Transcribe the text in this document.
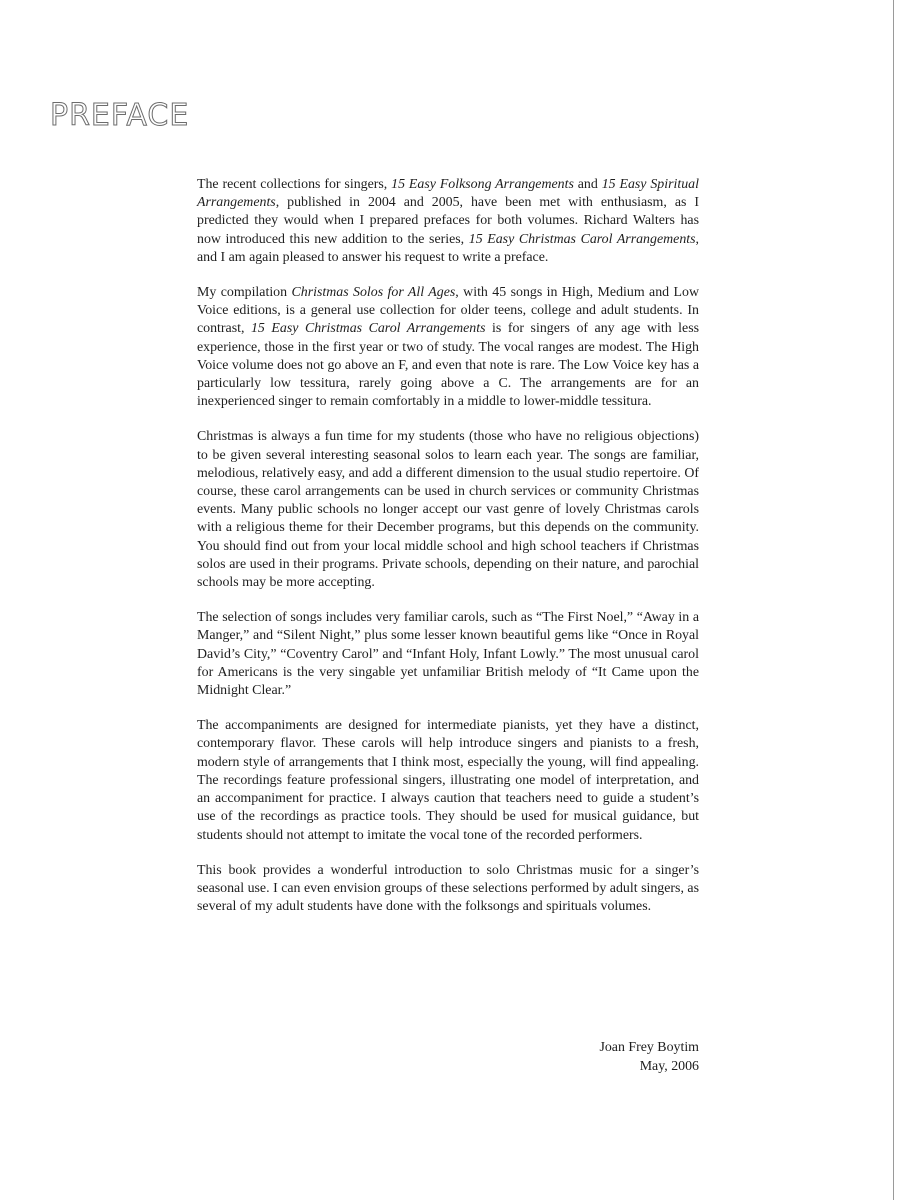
PREFACE

The recent collections for singers, 15 Easy Folksong Arrangements and 15 Easy Spiritual Arrangements, published in 2004 and 2005, have been met with enthusiasm, as I predicted they would when I prepared prefaces for both volumes. Richard Walters has now introduced this new addition to the series, 15 Easy Christmas Carol Arrangements, and I am again pleased to answer his request to write a preface.

My compilation Christmas Solos for All Ages, with 45 songs in High, Medium and Low Voice editions, is a general use collection for older teens, college and adult students. In contrast, 15 Easy Christmas Carol Arrangements is for singers of any age with less experience, those in the first year or two of study. The vocal ranges are modest. The High Voice volume does not go above an F, and even that note is rare. The Low Voice key has a particularly low tessitura, rarely going above a C. The arrangements are for an inexperienced singer to remain comfortably in a middle to lower-middle tessitura.

Christmas is always a fun time for my students (those who have no religious objections) to be given several interesting seasonal solos to learn each year. The songs are familiar, melodious, relatively easy, and add a different dimension to the usual studio repertoire. Of course, these carol arrangements can be used in church services or community Christmas events. Many public schools no longer accept our vast genre of lovely Christmas carols with a religious theme for their December programs, but this depends on the community. You should find out from your local middle school and high school teachers if Christmas solos are used in their programs. Private schools, depending on their nature, and parochial schools may be more accepting.

The selection of songs includes very familiar carols, such as “The First Noel,” “Away in a Manger,” and “Silent Night,” plus some lesser known beautiful gems like “Once in Royal David’s City,” “Coventry Carol” and “Infant Holy, Infant Lowly.” The most unusual carol for Americans is the very singable yet unfamiliar British melody of “It Came upon the Midnight Clear.”

The accompaniments are designed for intermediate pianists, yet they have a distinct, contemporary flavor. These carols will help introduce singers and pianists to a fresh, modern style of arrangements that I think most, especially the young, will find appealing. The recordings feature professional singers, illustrating one model of interpretation, and an accompaniment for practice. I always caution that teachers need to guide a student’s use of the recordings as practice tools. They should be used for musical guidance, but students should not attempt to imitate the vocal tone of the recorded performers.

This book provides a wonderful introduction to solo Christmas music for a singer’s seasonal use. I can even envision groups of these selections performed by adult singers, as several of my adult students have done with the folksongs and spirituals volumes.

Joan Frey Boytim
May, 2006
